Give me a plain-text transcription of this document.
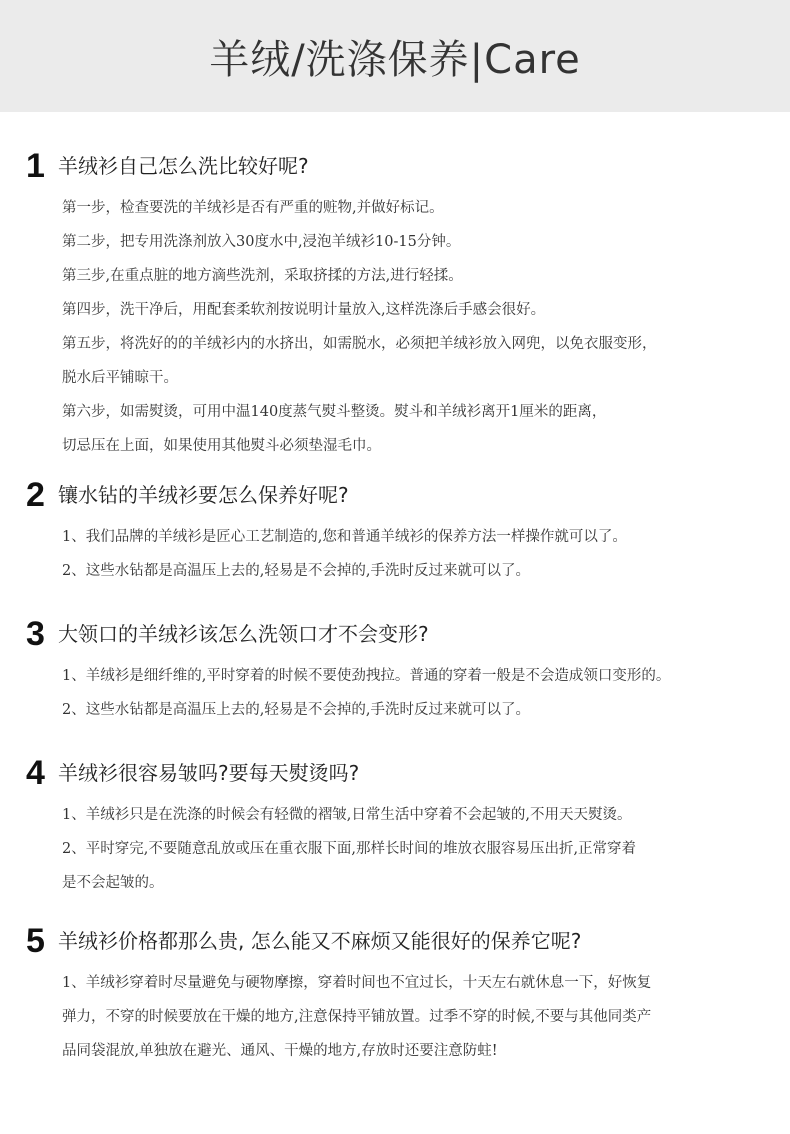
羊绒/洗涤保养|Care
1 羊绒衫自己怎么洗比较好呢?
第一步，检查要洗的羊绒衫是否有严重的赃物,并做好标记。
第二步，把专用洗涤剂放入30度水中,浸泡羊绒衫10-15分钟。
第三步,在重点脏的地方滴些洗剂，采取挤揉的方法,进行轻揉。
第四步，洗干净后，用配套柔软剂按说明计量放入,这样洗涤后手感会很好。
第五步，将洗好的的羊绒衫内的水挤出，如需脱水，必须把羊绒衫放入网兜，以免衣服变形，
脱水后平铺晾干。
第六步，如需熨烫，可用中温140度蒸气熨斗整烫。熨斗和羊绒衫离开1厘米的距离，
切忌压在上面，如果使用其他熨斗必须垫湿毛巾。
2 镶水钻的羊绒衫要怎么保养好呢?
1、我们品牌的羊绒衫是匠心工艺制造的,您和普通羊绒衫的保养方法一样操作就可以了。
2、这些水钻都是高温压上去的,轻易是不会掉的,手洗时反过来就可以了。
3 大领口的羊绒衫该怎么洗领口才不会变形?
1、羊绒衫是细纤维的,平时穿着的时候不要使劲拽拉。普通的穿着一般是不会造成领口变形的。
2、这些水钻都是高温压上去的,轻易是不会掉的,手洗时反过来就可以了。
4 羊绒衫很容易皱吗?要每天熨烫吗?
1、羊绒衫只是在洗涤的时候会有轻微的褶皱,日常生活中穿着不会起皱的,不用天天熨烫。
2、平时穿完,不要随意乱放或压在重衣服下面,那样长时间的堆放衣服容易压出折,正常穿着
是不会起皱的。
5 羊绒衫价格都那么贵, 怎么能又不麻烦又能很好的保养它呢?
1、羊绒衫穿着时尽量避免与硬物摩擦，穿着时间也不宜过长，十天左右就休息一下，好恢复
弹力，不穿的时候要放在干燥的地方,注意保持平铺放置。过季不穿的时候,不要与其他同类产
品同袋混放,单独放在避光、通风、干燥的地方,存放时还要注意防蛀!
